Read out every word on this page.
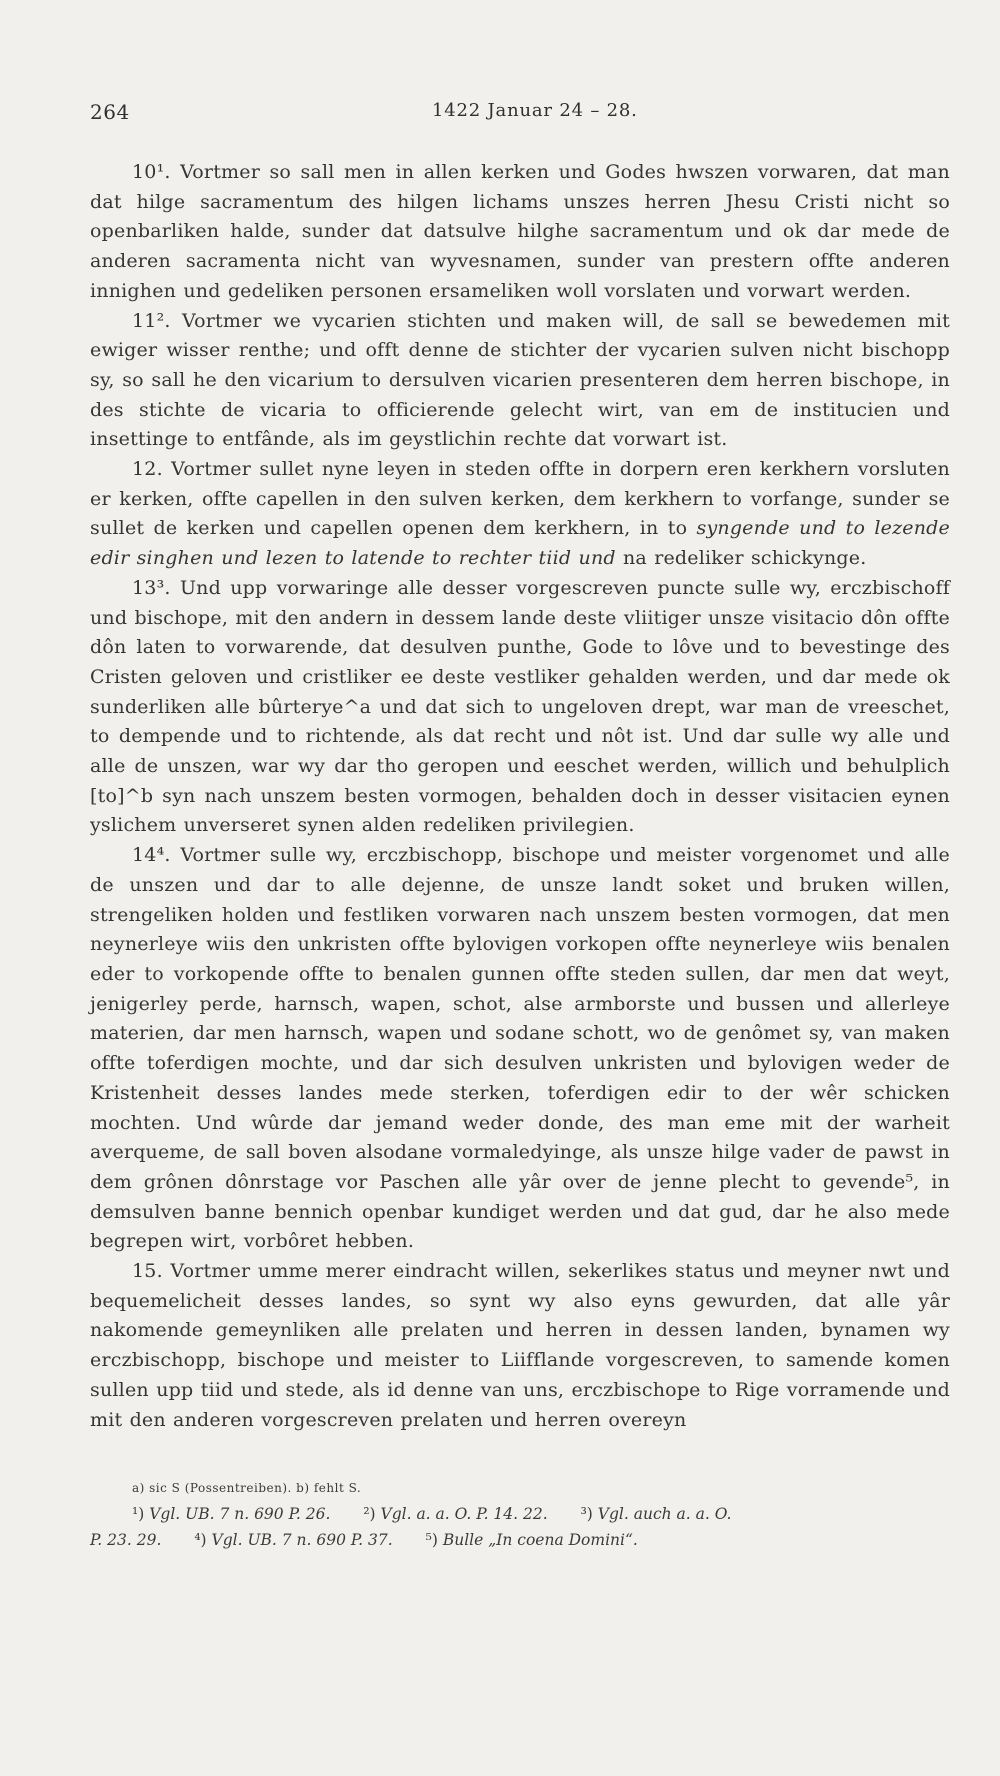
264	1422 Januar 24 – 28.

10¹. Vortmer so sall men in allen kerken und Godes hwszen vorwaren, dat man dat hilge sacramentum des hilgen lichams unszes herren Jhesu Cristi nicht so openbarliken halde, sunder dat datsulve hilghe sacramentum und ok dar mede de anderen sacramenta nicht van wyvesnamen, sunder van prestern offte anderen innighen und gedeliken personen ersameliken woll vorslaten und vorwart werden.

11². Vortmer we vycarien stichten und maken will, de sall se bewedemen mit ewiger wisser renthe; und offt denne de stichter der vycarien sulven nicht bischopp sy, so sall he den vicarium to dersulven vicarien presenteren dem herren bischope, in des stichte de vicaria to officierende gelecht wirt, van em de institucien und insettinge to entfânde, als im geystlichin rechte dat vorwart ist.

12. Vortmer sullet nyne leyen in steden offte in dorpern eren kerkhern vorsluten er kerken, offte capellen in den sulven kerken, dem kerkhern to vorfange, sunder se sullet de kerken und capellen openen dem kerkhern, in to syngende und to lezende edir singhen und lezen to latende to rechter tiid und na redeliker schickynge.

13³. Und upp vorwaringe alle desser vorgescreven puncte sulle wy, erczbischoff und bischope, mit den andern in dessem lande deste vliitiger unsze visitacio dôn offte dôn laten to vorwarende, dat desulven punthe, Gode to lôve und to bevestinge des Cristen geloven und cristliker ee deste vestliker gehalden werden, und dar mede ok sunderliken alle bûrterye^a und dat sich to ungeloven drept, war man de vreeschet, to dempende und to richtende, als dat recht und nôt ist. Und dar sulle wy alle und alle de unszen, war wy dar tho geropen und eeschet werden, willich und behulplich [to]^b syn nach unszem besten vormogen, behalden doch in desser visitacien eynen yslichem unverseret synen alden redeliken privilegien.

14⁴. Vortmer sulle wy, erczbischopp, bischope und meister vorgenomet und alle de unszen und dar to alle dejenne, de unsze landt soket und bruken willen, strengeliken holden und festliken vorwaren nach unszem besten vormogen, dat men neynerleye wiis den unkristen offte bylovigen vorkopen offte neynerleye wiis benalen eder to vorkopende offte to benalen gunnen offte steden sullen, dar men dat weyt, jenigerley perde, harnsch, wapen, schot, alse armborste und bussen und allerleye materien, dar men harnsch, wapen und sodane schott, wo de genômet sy, van maken offte toferdigen mochte, und dar sich desulven unkristen und bylovigen weder de Kristenheit desses landes mede sterken, toferdigen edir to der wêr schicken mochten. Und wûrde dar jemand weder donde, des man eme mit der warheit averqueme, de sall boven alsodane vormaledyinge, als unsze hilge vader de pawst in dem grônen dônrstage vor Paschen alle yâr over de jenne plecht to gevende⁵, in demsulven banne bennich openbar kundiget werden und dat gud, dar he also mede begrepen wirt, vorbôret hebben.

15. Vortmer umme merer eindracht willen, sekerlikes status und meyner nwt und bequemelicheit desses landes, so synt wy also eyns gewurden, dat alle yâr nakomende gemeynliken alle prelaten und herren in dessen landen, bynamen wy erczbischopp, bischope und meister to Liifflande vorgescreven, to samende komen sullen upp tiid und stede, als id denne van uns, erczbischope to Rige vorramende und mit den anderen vorgescreven prelaten und herren overeyn

a) sic S (Possentreiben). b) fehlt S.

¹) Vgl. UB. 7 n. 690 P. 26. ²) Vgl. a. a. O. P. 14. 22. ³) Vgl. auch a. a. O.

P. 23. 29. ⁴) Vgl. UB. 7 n. 690 P. 37. ⁵) Bulle „In coena Domini“.
